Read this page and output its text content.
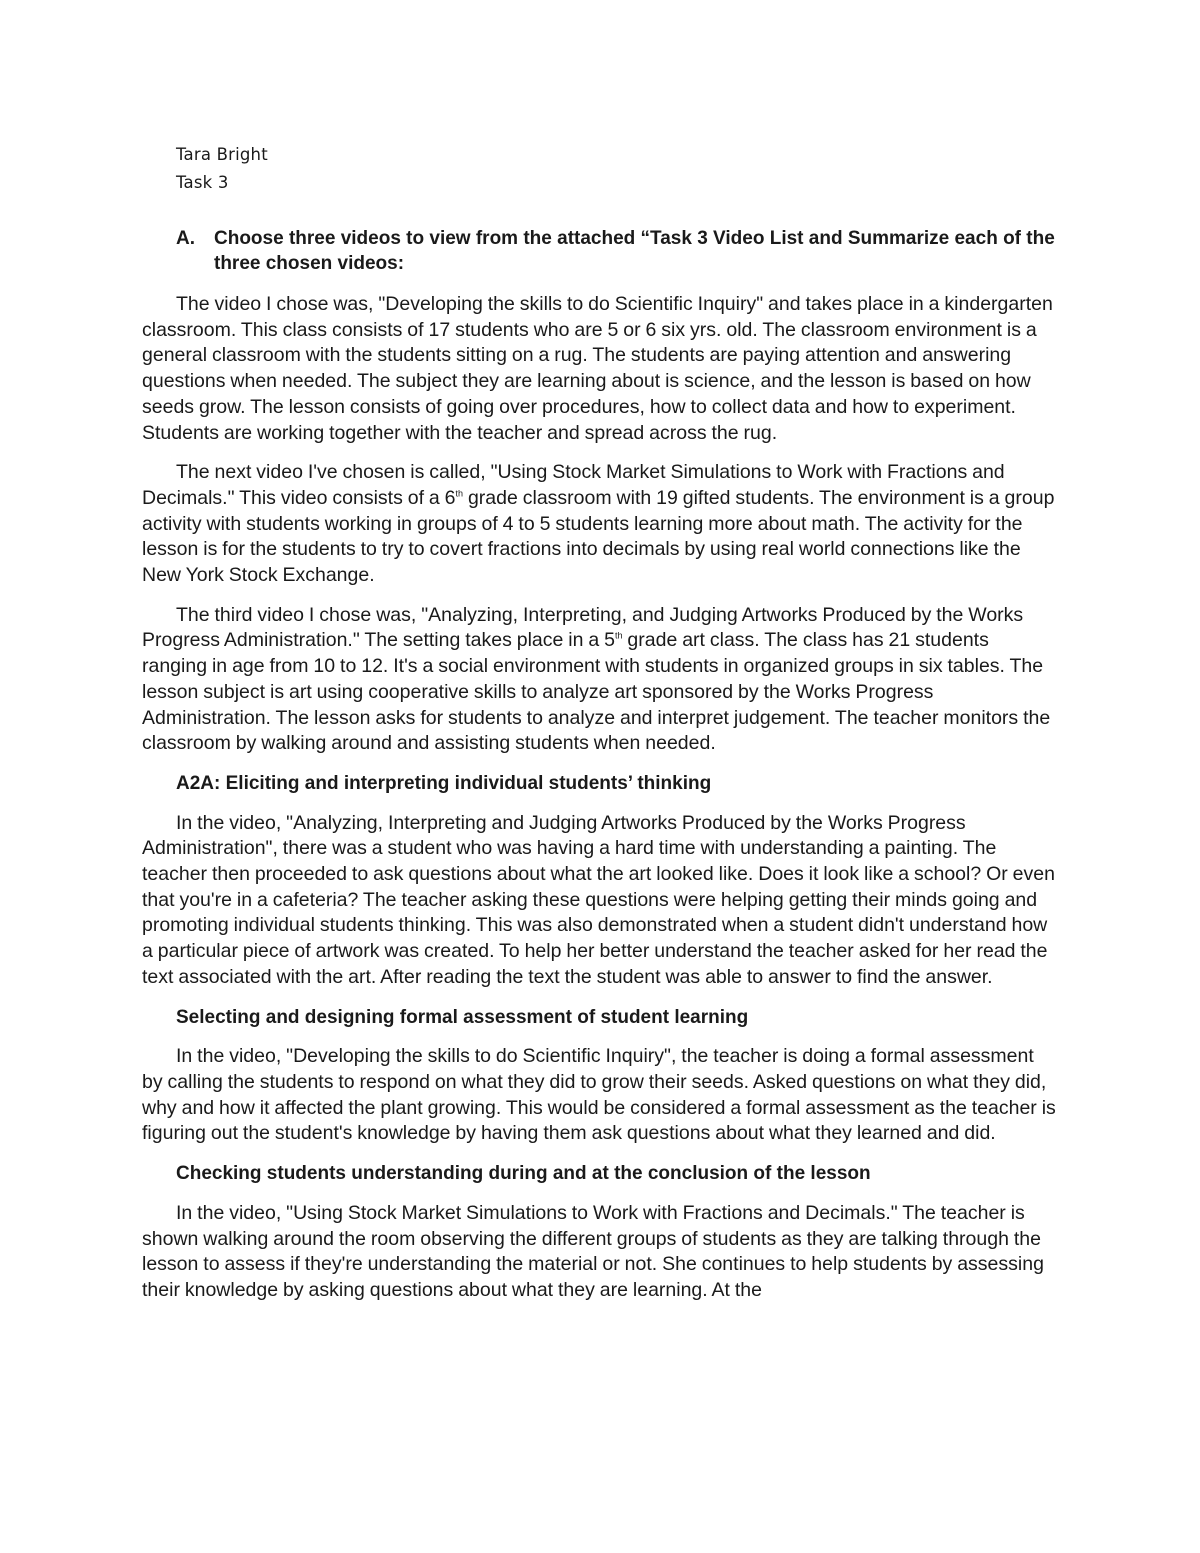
Tara Bright

Task 3

A. Choose three videos to view from the attached “Task 3 Video List and Summarize each of the three chosen videos:

The video I chose was, "Developing the skills to do Scientific Inquiry" and takes place in a kindergarten classroom. This class consists of 17 students who are 5 or 6 six yrs. old. The classroom environment is a general classroom with the students sitting on a rug. The students are paying attention and answering questions when needed. The subject they are learning about is science, and the lesson is based on how seeds grow. The lesson consists of going over procedures, how to collect data and how to experiment. Students are working together with the teacher and spread across the rug.

The next video I've chosen is called, "Using Stock Market Simulations to Work with Fractions and Decimals." This video consists of a 6th grade classroom with 19 gifted students. The environment is a group activity with students working in groups of 4 to 5 students learning more about math. The activity for the lesson is for the students to try to covert fractions into decimals by using real world connections like the New York Stock Exchange.

The third video I chose was, "Analyzing, Interpreting, and Judging Artworks Produced by the Works Progress Administration." The setting takes place in a 5th grade art class. The class has 21 students ranging in age from 10 to 12. It's a social environment with students in organized groups in six tables. The lesson subject is art using cooperative skills to analyze art sponsored by the Works Progress Administration. The lesson asks for students to analyze and interpret judgement. The teacher monitors the classroom by walking around and assisting students when needed.

A2A: Eliciting and interpreting individual students’ thinking

In the video, "Analyzing, Interpreting and Judging Artworks Produced by the Works Progress Administration", there was a student who was having a hard time with understanding a painting. The teacher then proceeded to ask questions about what the art looked like. Does it look like a school? Or even that you're in a cafeteria? The teacher asking these questions were helping getting their minds going and promoting individual students thinking. This was also demonstrated when a student didn't understand how a particular piece of artwork was created. To help her better understand the teacher asked for her read the text associated with the art. After reading the text the student was able to answer to find the answer.

Selecting and designing formal assessment of student learning

In the video, "Developing the skills to do Scientific Inquiry", the teacher is doing a formal assessment by calling the students to respond on what they did to grow their seeds. Asked questions on what they did, why and how it affected the plant growing. This would be considered a formal assessment as the teacher is figuring out the student's knowledge by having them ask questions about what they learned and did.

Checking students understanding during and at the conclusion of the lesson

In the video, "Using Stock Market Simulations to Work with Fractions and Decimals." The teacher is shown walking around the room observing the different groups of students as they are talking through the lesson to assess if they're understanding the material or not. She continues to help students by assessing their knowledge by asking questions about what they are learning. At the
